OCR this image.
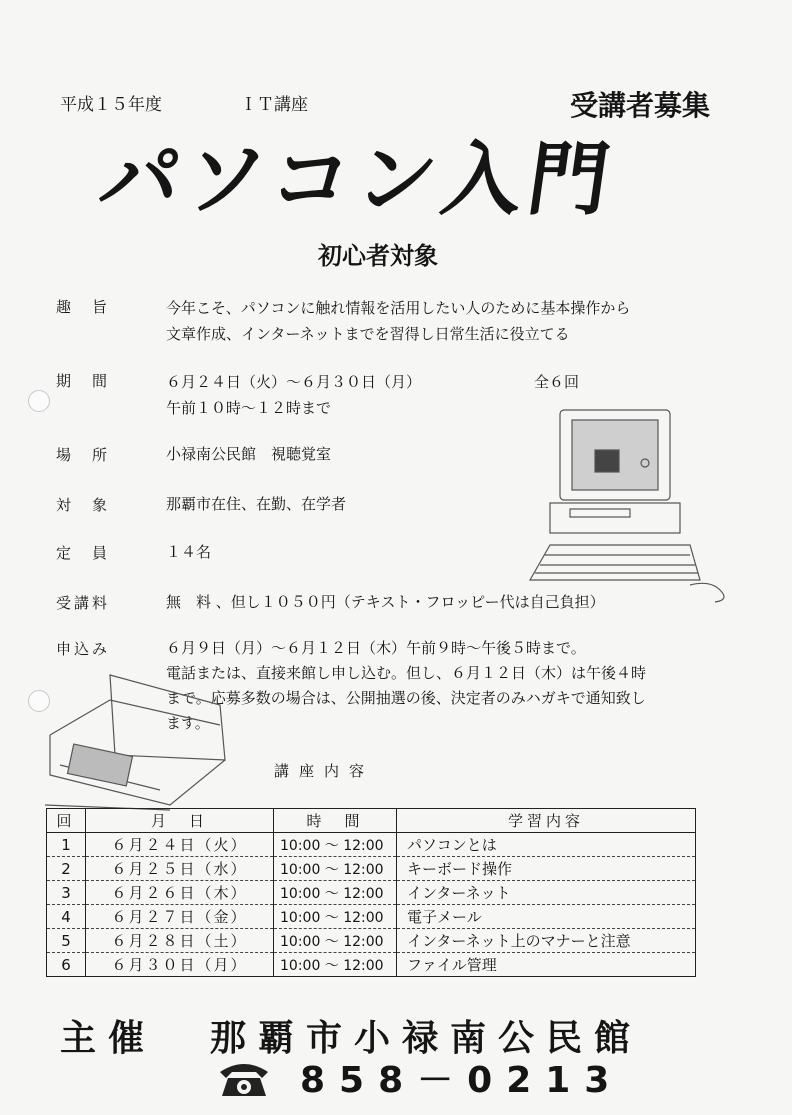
平成１５年度	ＩＴ講座	受講者募集
パソコン入門
初心者対象
趣　旨	今年こそ、パソコンに触れ情報を活用したい人のために基本操作から
文章作成、インターネットまでを習得し日常生活に役立てる
期　間	６月２４日（火）～６月３０日（月）	全６回
午前１０時～１２時まで
場　所	小禄南公民館　視聴覚室
対　象	那覇市在住、在勤、在学者
定　員	１４名
受講料	無　料 、但し１０５０円（テキスト・フロッピー代は自己負担）
申込み	６月９日（月）～６月１２日（木）午前９時～午後５時まで。
電話または、直接来館し申し込む。但し、６月１２日（木）は午後４時
まで。応募多数の場合は、公開抽選の後、決定者のみハガキで通知致し
ます。
講座内容
回	月　日	時　間	学習内容
1	６月２４日（火）	10:00 ～ 12:00	パソコンとは
2	６月２５日（水）	10:00 ～ 12:00	キーボード操作
3	６月２６日（木）	10:00 ～ 12:00	インターネット
4	６月２７日（金）	10:00 ～ 12:00	電子メール
5	６月２８日（土）	10:00 ～ 12:00	インターネット上のマナーと注意
6	６月３０日（月）	10:00 ～ 12:00	ファイル管理
主催 那覇市小禄南公民館
858－0213
